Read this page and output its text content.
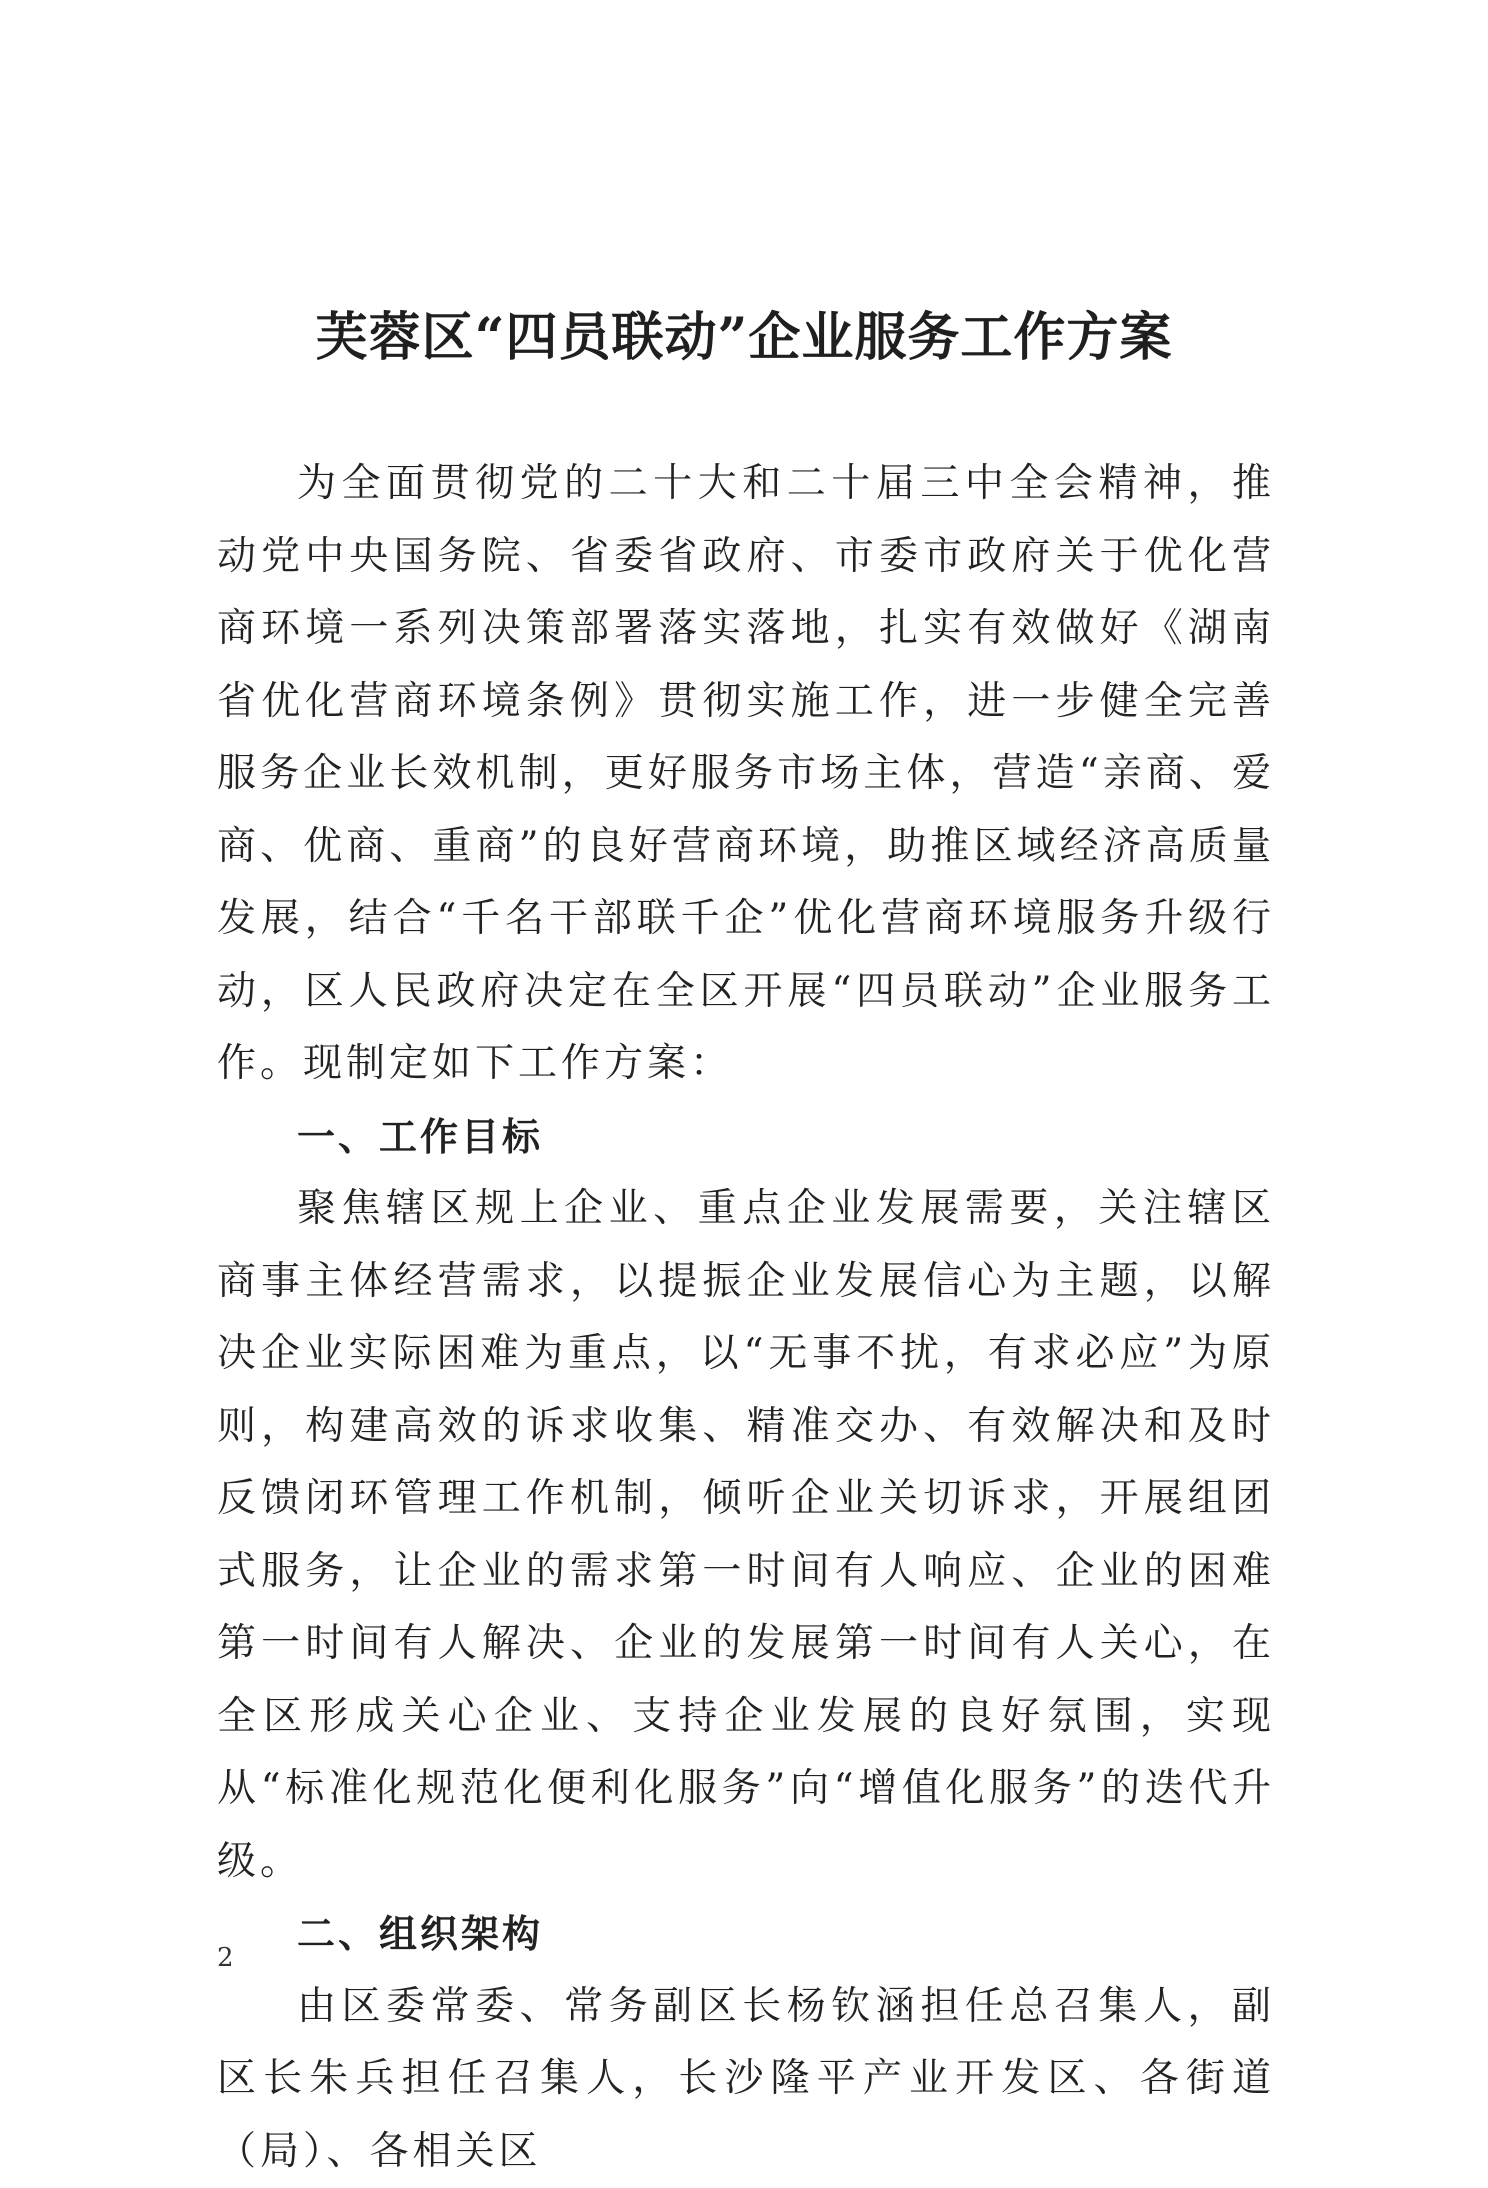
芙蓉区“四员联动”企业服务工作方案

为全面贯彻党的二十大和二十届三中全会精神，推动党中央国务院、省委省政府、市委市政府关于优化营商环境一系列决策部署落实落地，扎实有效做好《湖南省优化营商环境条例》贯彻实施工作，进一步健全完善服务企业长效机制，更好服务市场主体，营造“亲商、爱商、优商、重商”的良好营商环境，助推区域经济高质量发展，结合“千名干部联千企”优化营商环境服务升级行动，区人民政府决定在全区开展“四员联动”企业服务工作。现制定如下工作方案：

一、工作目标

聚焦辖区规上企业、重点企业发展需要，关注辖区商事主体经营需求，以提振企业发展信心为主题，以解决企业实际困难为重点，以“无事不扰，有求必应”为原则，构建高效的诉求收集、精准交办、有效解决和及时反馈闭环管理工作机制，倾听企业关切诉求，开展组团式服务，让企业的需求第一时间有人响应、企业的困难第一时间有人解决、企业的发展第一时间有人关心，在全区形成关心企业、支持企业发展的良好氛围，实现从“标准化规范化便利化服务”向“增值化服务”的迭代升级。

二、组织架构

由区委常委、常务副区长杨钦涵担任总召集人，副区长朱兵担任召集人，长沙隆平产业开发区、各街道（局）、各相关区

2
